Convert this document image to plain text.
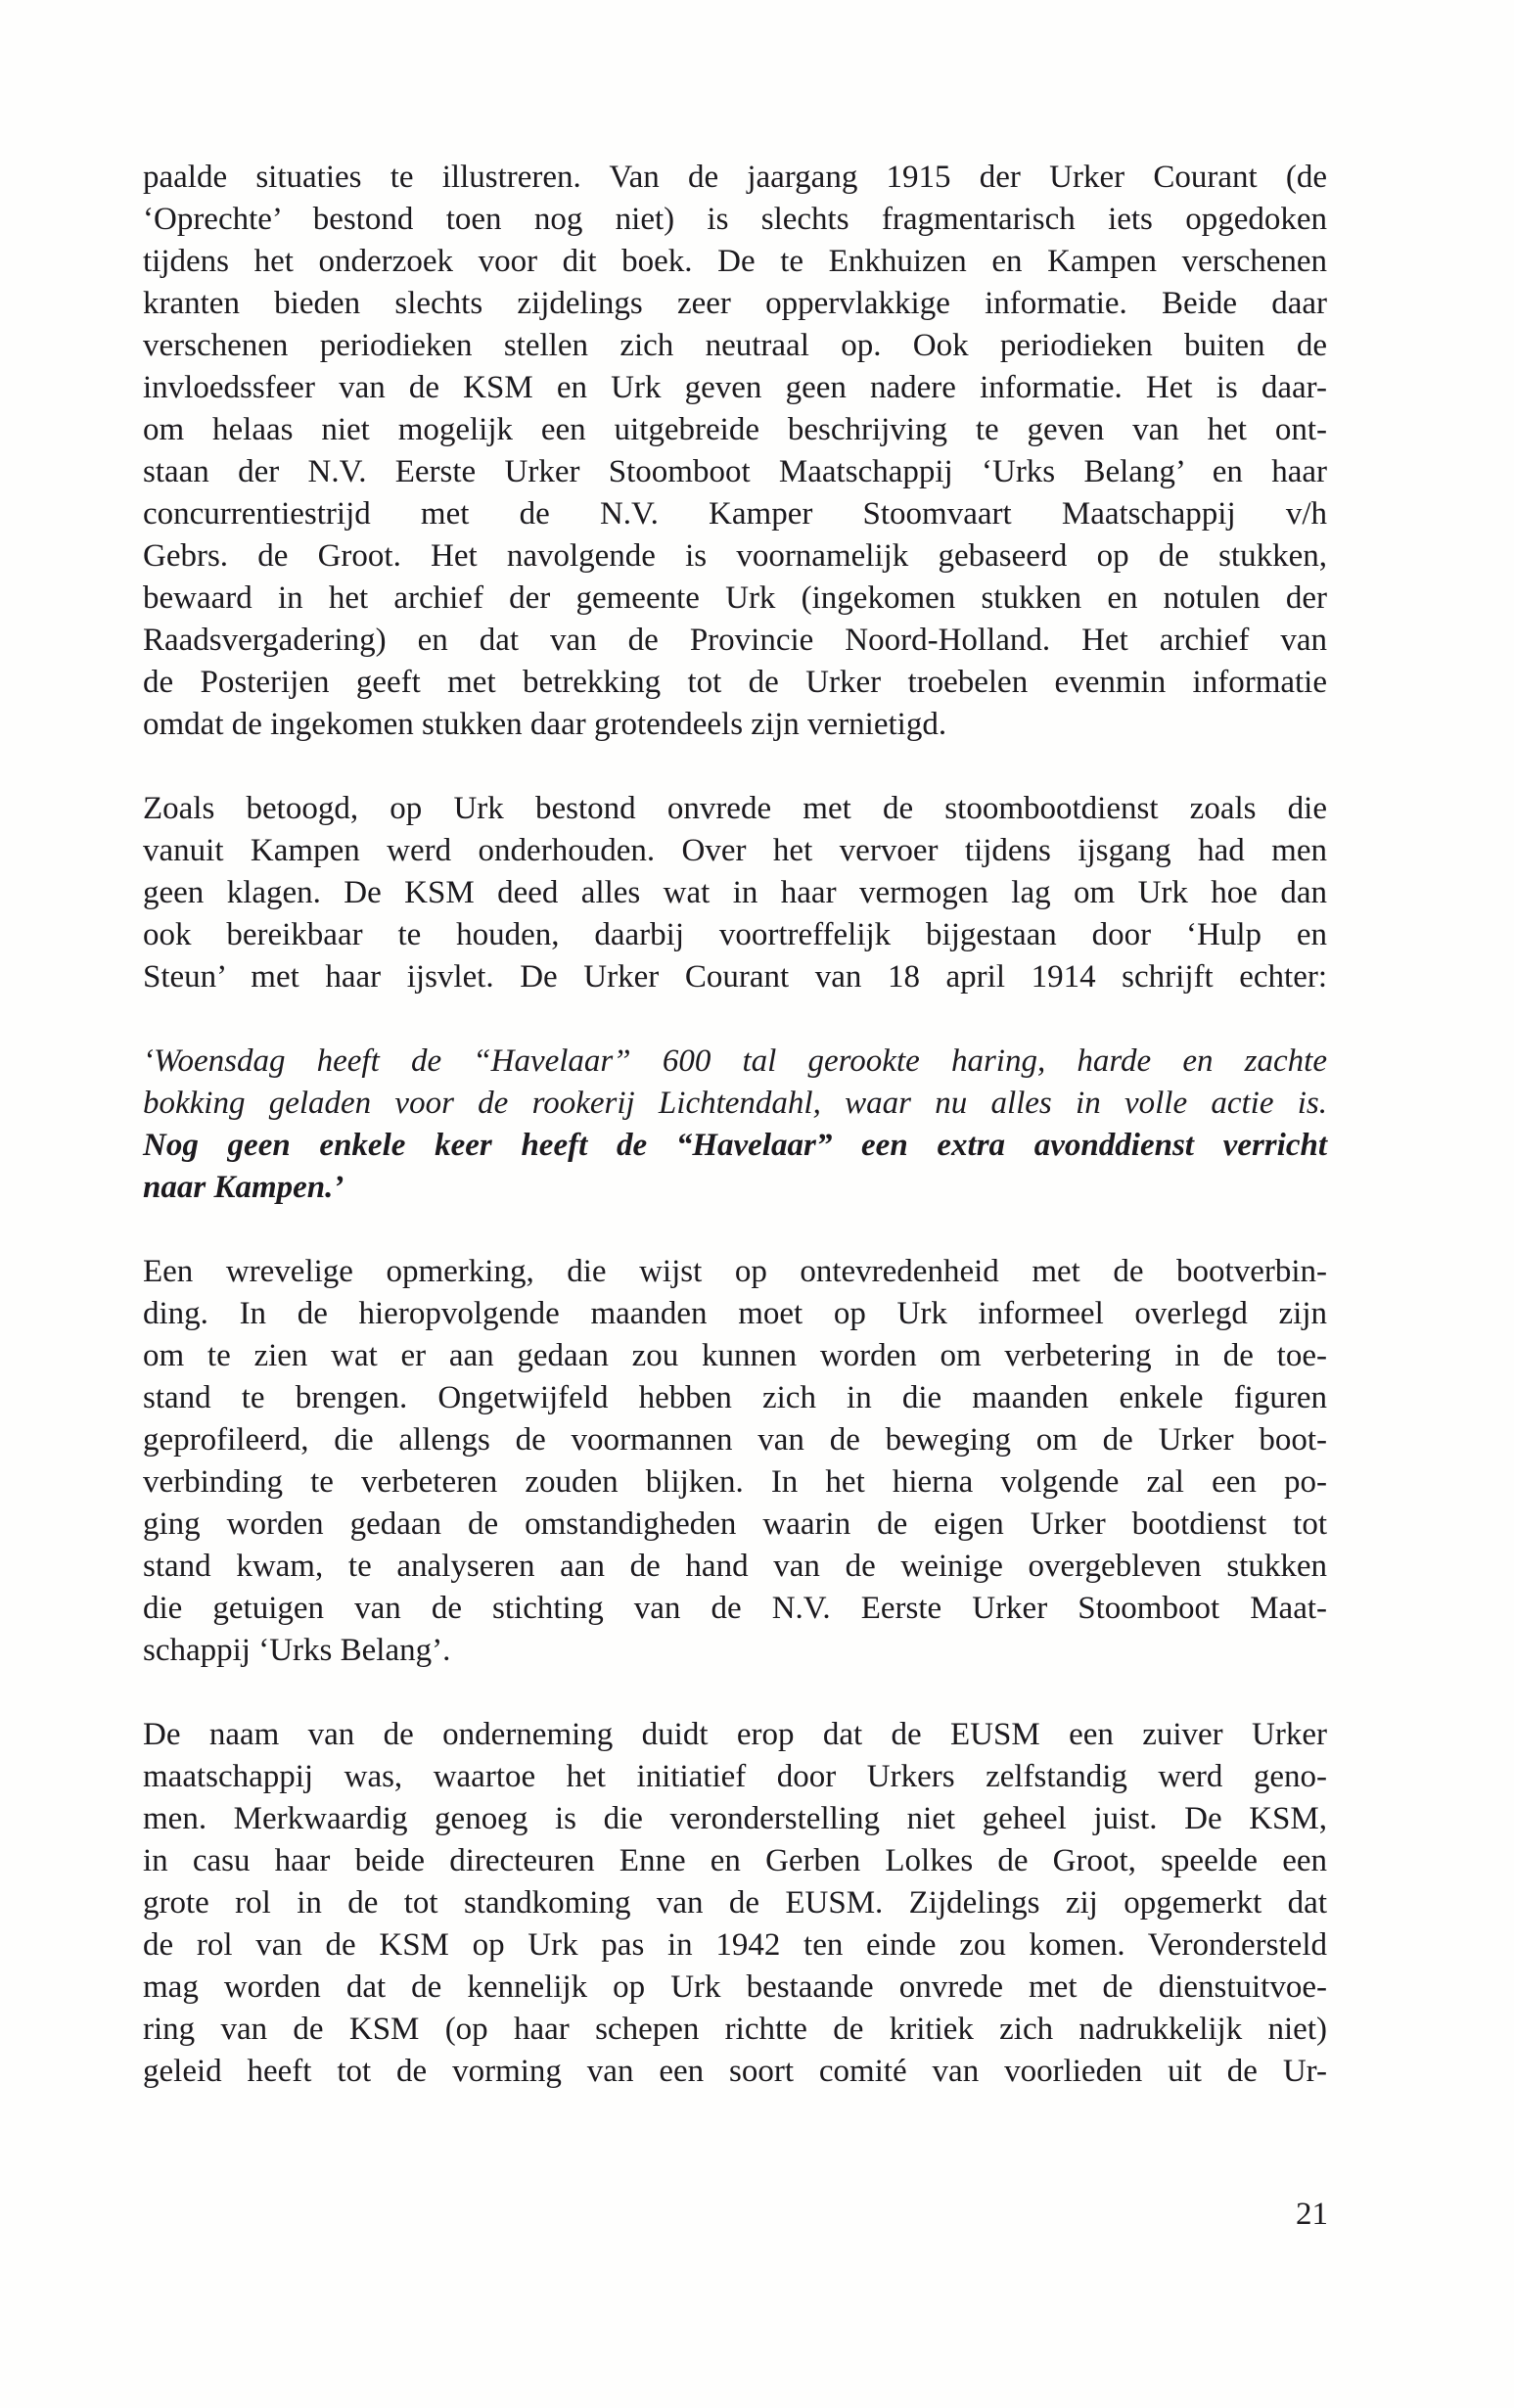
paalde situaties te illustreren. Van de jaargang 1915 der Urker Courant (de
‘Oprechte’ bestond toen nog niet) is slechts fragmentarisch iets opgedoken
tijdens het onderzoek voor dit boek. De te Enkhuizen en Kampen verschenen
kranten bieden slechts zijdelings zeer oppervlakkige informatie. Beide daar
verschenen periodieken stellen zich neutraal op. Ook periodieken buiten de
invloedssfeer van de KSM en Urk geven geen nadere informatie. Het is daar-
om helaas niet mogelijk een uitgebreide beschrijving te geven van het ont-
staan der N.V. Eerste Urker Stoomboot Maatschappij ‘Urks Belang’ en haar
concurrentiestrijd met de N.V. Kamper Stoomvaart Maatschappij v/h
Gebrs. de Groot. Het navolgende is voornamelijk gebaseerd op de stukken,
bewaard in het archief der gemeente Urk (ingekomen stukken en notulen der
Raadsvergadering) en dat van de Provincie Noord-Holland. Het archief van
de Posterijen geeft met betrekking tot de Urker troebelen evenmin informatie
omdat de ingekomen stukken daar grotendeels zijn vernietigd.
Zoals betoogd, op Urk bestond onvrede met de stoombootdienst zoals die
vanuit Kampen werd onderhouden. Over het vervoer tijdens ijsgang had men
geen klagen. De KSM deed alles wat in haar vermogen lag om Urk hoe dan
ook bereikbaar te houden, daarbij voortreffelijk bijgestaan door ‘Hulp en
Steun’ met haar ijsvlet. De Urker Courant van 18 april 1914 schrijft echter:
‘Woensdag heeft de “Havelaar” 600 tal gerookte haring, harde en zachte
bokking geladen voor de rookerij Lichtendahl, waar nu alles in volle actie is.
Nog geen enkele keer heeft de “Havelaar” een extra avonddienst verricht
naar Kampen.’
Een wrevelige opmerking, die wijst op ontevredenheid met de bootverbin-
ding. In de hieropvolgende maanden moet op Urk informeel overlegd zijn
om te zien wat er aan gedaan zou kunnen worden om verbetering in de toe-
stand te brengen. Ongetwijfeld hebben zich in die maanden enkele figuren
geprofileerd, die allengs de voormannen van de beweging om de Urker boot-
verbinding te verbeteren zouden blijken. In het hierna volgende zal een po-
ging worden gedaan de omstandigheden waarin de eigen Urker bootdienst tot
stand kwam, te analyseren aan de hand van de weinige overgebleven stukken
die getuigen van de stichting van de N.V. Eerste Urker Stoomboot Maat-
schappij ‘Urks Belang’.
De naam van de onderneming duidt erop dat de EUSM een zuiver Urker
maatschappij was, waartoe het initiatief door Urkers zelfstandig werd geno-
men. Merkwaardig genoeg is die veronderstelling niet geheel juist. De KSM,
in casu haar beide directeuren Enne en Gerben Lolkes de Groot, speelde een
grote rol in de tot standkoming van de EUSM. Zijdelings zij opgemerkt dat
de rol van de KSM op Urk pas in 1942 ten einde zou komen. Verondersteld
mag worden dat de kennelijk op Urk bestaande onvrede met de dienstuitvoe-
ring van de KSM (op haar schepen richtte de kritiek zich nadrukkelijk niet)
geleid heeft tot de vorming van een soort comité van voorlieden uit de Ur-
21
